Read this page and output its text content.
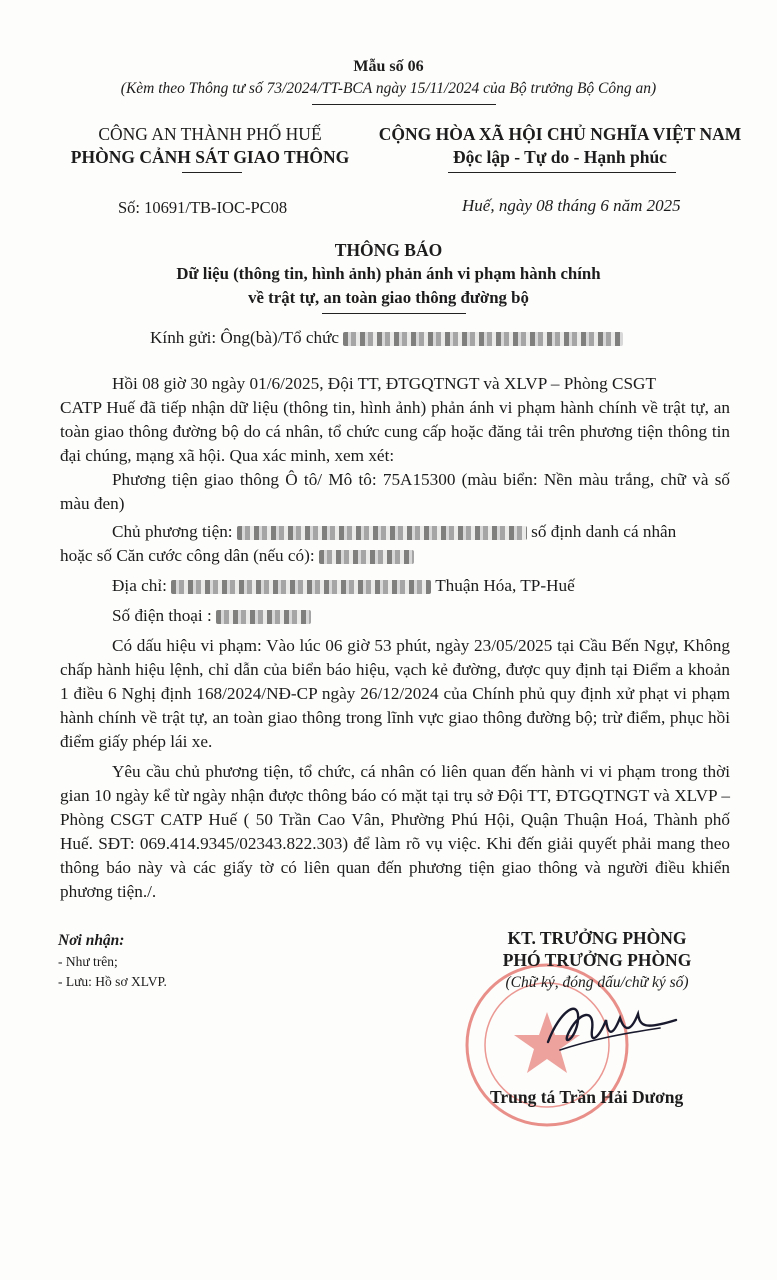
Mẫu số 06
(Kèm theo Thông tư số 73/2024/TT-BCA ngày 15/11/2024 của Bộ trưởng Bộ Công an)
CÔNG AN THÀNH PHỐ HUẾ
PHÒNG CẢNH SÁT GIAO THÔNG
CỘNG HÒA XÃ HỘI CHỦ NGHĨA VIỆT NAM
Độc lập - Tự do - Hạnh phúc
Số: 10691/TB-IOC-PC08	Huế, ngày 08 tháng 6 năm 2025
THÔNG BÁO
Dữ liệu (thông tin, hình ảnh) phản ánh vi phạm hành chính
về trật tự, an toàn giao thông đường bộ
Kính gửi: Ông(bà)/Tổ chức
Hồi 08 giờ 30 ngày 01/6/2025, Đội TT, ĐTGQTNGT và XLVP – Phòng CSGT
CATP Huế đã tiếp nhận dữ liệu (thông tin, hình ảnh) phản ánh vi phạm hành chính về trật tự, an toàn giao thông đường bộ do cá nhân, tổ chức cung cấp hoặc đăng tải trên phương tiện thông tin đại chúng, mạng xã hội. Qua xác minh, xem xét:
Phương tiện giao thông Ô tô/ Mô tô: 75A15300 (màu biển: Nền màu trắng, chữ và số màu đen)
Chủ phương tiện:	số định danh cá nhân
hoặc số Căn cước công dân (nếu có):
Địa chỉ:	Thuận Hóa, TP-Huế
Số điện thoại :
Có dấu hiệu vi phạm: Vào lúc 06 giờ 53 phút, ngày 23/05/2025 tại Cầu Bến Ngự, Không chấp hành hiệu lệnh, chỉ dẫn của biển báo hiệu, vạch kẻ đường, được quy định tại Điểm a khoản 1 điều 6 Nghị định 168/2024/NĐ-CP ngày 26/12/2024 của Chính phủ quy định xử phạt vi phạm hành chính về trật tự, an toàn giao thông trong lĩnh vực giao thông đường bộ; trừ điểm, phục hồi điểm giấy phép lái xe.
Yêu cầu chủ phương tiện, tổ chức, cá nhân có liên quan đến hành vi vi phạm trong thời gian 10 ngày kể từ ngày nhận được thông báo có mặt tại trụ sở Đội TT, ĐTGQTNGT và XLVP – Phòng CSGT CATP Huế ( 50 Trần Cao Vân, Phường Phú Hội, Quận Thuận Hoá, Thành phố Huế. SĐT: 069.414.9345/02343.822.303) để làm rõ vụ việc. Khi đến giải quyết phải mang theo thông báo này và các giấy tờ có liên quan đến phương tiện giao thông và người điều khiển phương tiện./.
Nơi nhận:
- Như trên;
- Lưu: Hồ sơ XLVP.
KT. TRƯỞNG PHÒNG
PHÓ TRƯỞNG PHÒNG
(Chữ ký, đóng dấu/chữ ký số)
Trung tá Trần Hải Dương
